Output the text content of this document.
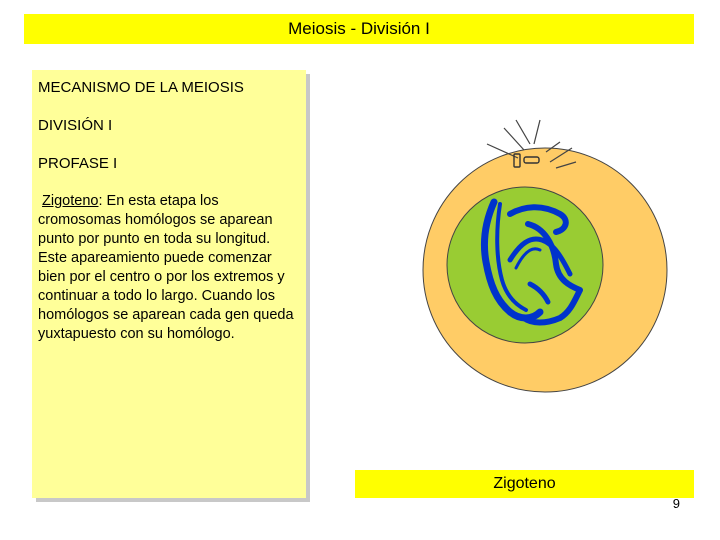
Meiosis - División I

MECANISMO DE LA MEIOSIS

DIVISIÓN I

PROFASE I

Zigoteno: En esta etapa los cromosomas homólogos se aparean punto por punto en toda su longitud. Este apareamiento puede comenzar bien por el centro o por los extremos y continuar a todo lo largo. Cuando los homólogos se aparean cada gen queda yuxtapuesto con su homólogo.

Zigoteno
9
